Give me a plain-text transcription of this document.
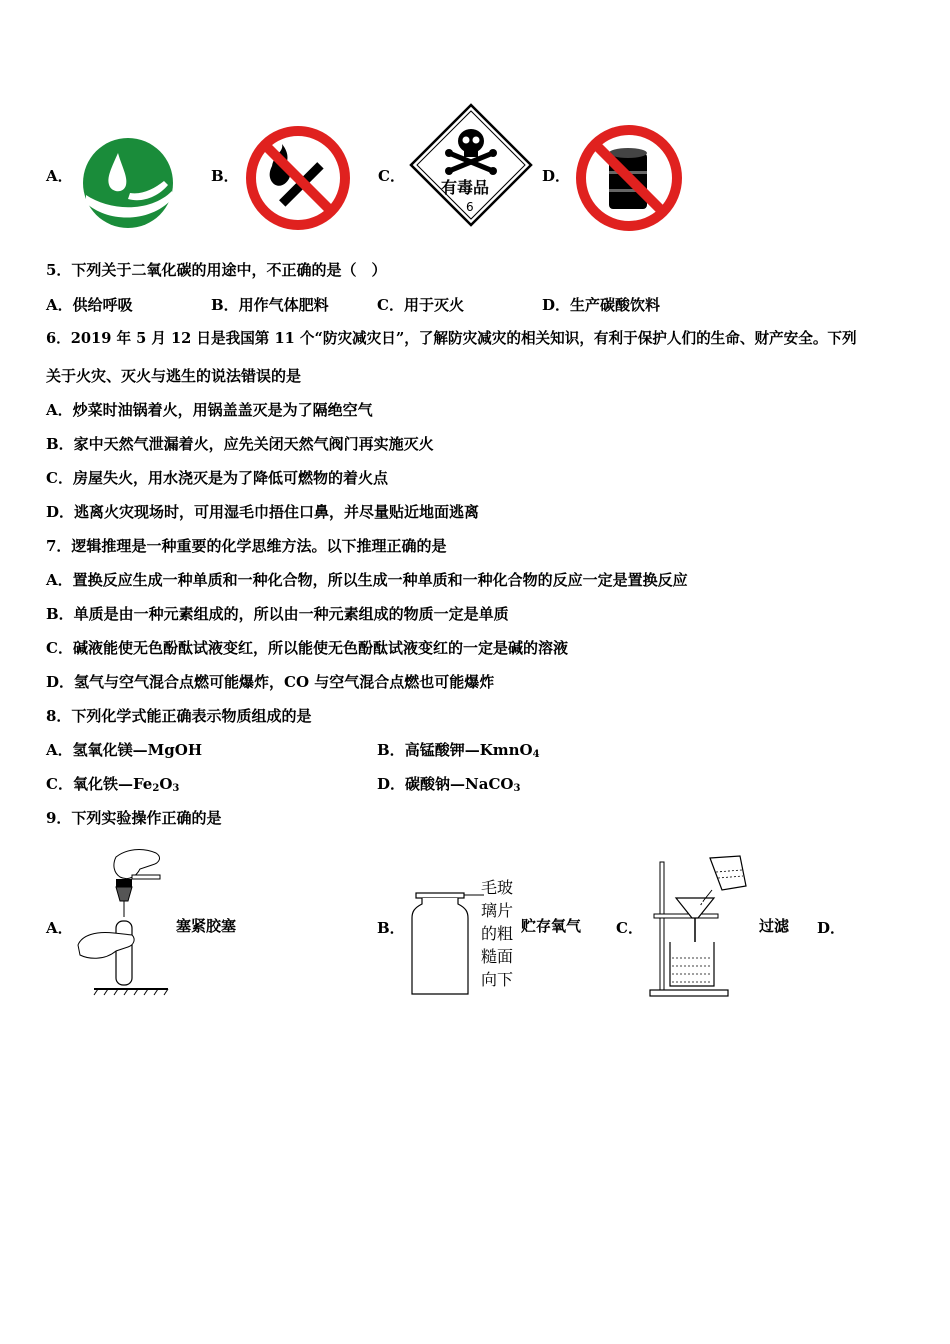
A．	B．	C．
有毒品
6
D．
5．下列关于二氧化碳的用途中，不正确的是（　）
A．供给呼吸	B．用作气体肥料	C．用于灭火	D．生产碳酸饮料
6．2019 年 5 月 12 日是我国第 11 个“防灾减灾日”，了解防灾减灾的相关知识，有利于保护人们的生命、财产安全。下列
关于火灾、灭火与逃生的说法错误的是
A．炒菜时油锅着火，用锅盖盖灭是为了隔绝空气
B．家中天然气泄漏着火，应先关闭天然气阀门再实施灭火
C．房屋失火，用水浇灭是为了降低可燃物的着火点
D．逃离火灾现场时，可用湿毛巾捂住口鼻，并尽量贴近地面逃离
7．逻辑推理是一种重要的化学思维方法。以下推理正确的是
A．置换反应生成一种单质和一种化合物，所以生成一种单质和一种化合物的反应一定是置换反应
B．单质是由一种元素组成的，所以由一种元素组成的物质一定是单质
C．碱液能使无色酚酞试液变红，所以能使无色酚酞试液变红的一定是碱的溶液
D．氢气与空气混合点燃可能爆炸，CO 与空气混合点燃也可能爆炸
8．下列化学式能正确表示物质组成的是
A．氢氧化镁—MgOH	B．高锰酸钾—KmnO$_4$
C．氧化铁$—Fe_2O_3$	D．碳酸钠—NaCO$_3$
9．下列实验操作正确的是
A．	塞紧胶塞	B．
毛玻
璃片
的粗
糙面
向下
贮存氧气 C．	过滤 D．
